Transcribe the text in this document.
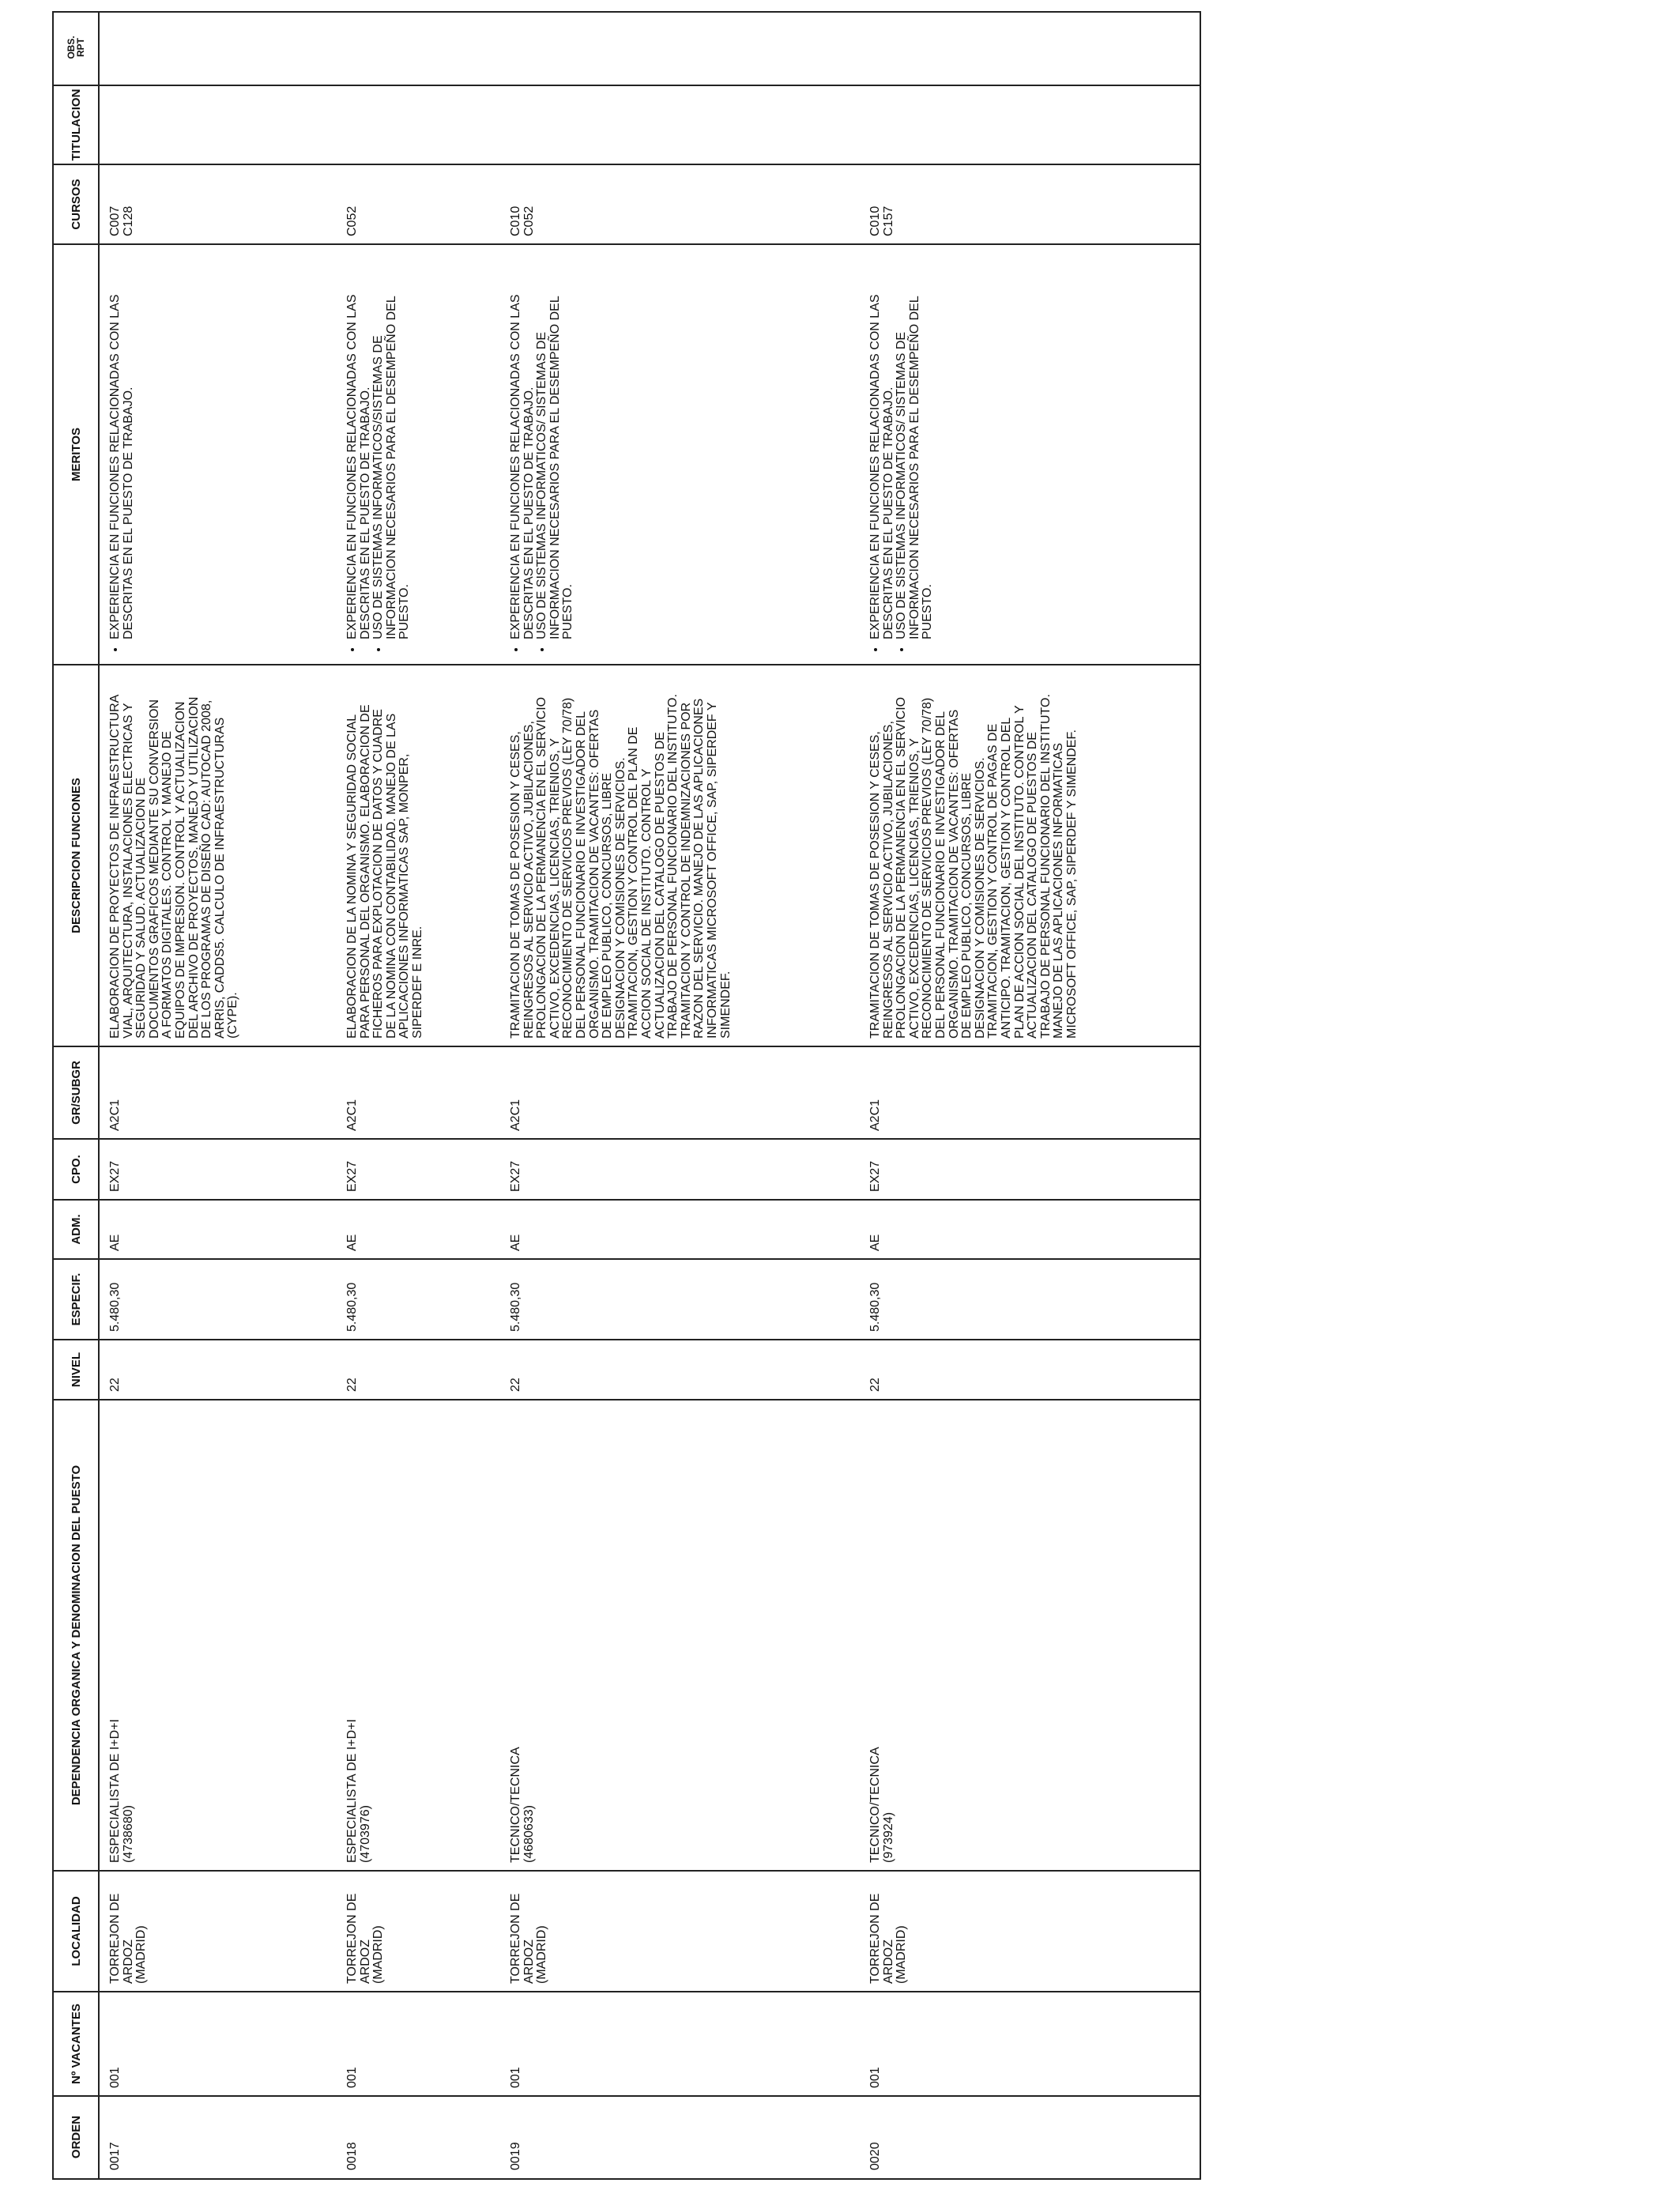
ORDEN
Nº VACANTES
LOCALIDAD
DEPENDENCIA ORGANICA Y DENOMINACION DEL PUESTO
NIVEL
ESPECIF.
ADM.
CPO.
GR/SUBGR
DESCRIPCION FUNCIONES
MERITOS
CURSOS
TITULACION
OBS.
RPT
0017
001
TORREJON DE ARDOZ
(MADRID)
ESPECIALISTA DE I+D+I
(4738680)
22
5.480,30
AE
EX27
A2C1
ELABORACION DE PROYECTOS DE INFRAESTRUCTURA
VIAL, ARQUITECTURA, INSTALACIONES ELECTRICAS Y
SEGURIDAD Y SALUD. ACTUALIZACION DE
DOCUMENTOS GRAFICOS MEDIANTE SU CONVERSION
A FORMATOS DIGITALES. CONTROL Y MANEJO DE
EQUIPOS DE IMPRESION. CONTROL Y ACTUALIZACION
DEL ARCHIVO DE PROYECTOS. MANEJO Y UTILIZACION
DE LOS PROGRAMAS DE DISEÑO CAD: AUTOCAD 2008,
ARRIS, CADDS5. CALCULO DE INFRAESTRUCTURAS
(CYPE).
• EXPERIENCIA EN FUNCIONES RELACIONADAS CON LAS
DESCRITAS EN EL PUESTO DE TRABAJO.
C007 C128
0018
001
TORREJON DE ARDOZ
(MADRID)
ESPECIALISTA DE I+D+I
(4703976)
22
5.480,30
AE
EX27
A2C1
ELABORACION DE LA NOMINA Y SEGURIDAD SOCIAL
PARA PERSONAL DEL ORGANISMO. ELABORACION DE
FICHEROS PARA EXPLOTACION DE DATOS Y CUADRE
DE LA NOMINA CON CONTABILIDAD. MANEJO DE LAS
APLICACIONES INFORMATICAS SAP, MONPER,
SIPERDEF E INRE.
• EXPERIENCIA EN FUNCIONES RELACIONADAS CON LAS
DESCRITAS EN EL PUESTO DE TRABAJO.
• USO DE SISTEMAS INFORMATICOS/SISTEMAS DE
INFORMACION NECESARIOS PARA EL DESEMPEÑO DEL
PUESTO.
C052
0019
001
TORREJON DE ARDOZ
(MADRID)
TECNICO/TECNICA
(4680633)
22
5.480,30
AE
EX27
A2C1
TRAMITACION DE TOMAS DE POSESION Y CESES,
REINGRESOS AL SERVICIO ACTIVO, JUBILACIONES,
PROLONGACION DE LA PERMANENCIA EN EL SERVICIO
ACTIVO, EXCEDENCIAS, LICENCIAS, TRIENIOS, Y
RECONOCIMIENTO DE SERVICIOS PREVIOS (LEY 70/78)
DEL PERSONAL FUNCIONARIO E INVESTIGADOR DEL
ORGANISMO. TRAMITACION DE VACANTES: OFERTAS
DE EMPLEO PUBLICO, CONCURSOS, LIBRE
DESIGNACION Y COMISIONES DE SERVICIOS.
TRAMITACION, GESTION Y CONTROL DEL PLAN DE
ACCION SOCIAL DE INSTITUTO. CONTROL Y
ACTUALIZACION DEL CATALOGO DE PUESTOS DE
TRABAJO DE PERSONAL FUNCIONARIO DEL INSTITUTO.
TRAMITACION Y CONTROL DE INDEMNIZACIONES POR
RAZON DEL SERVICIO. MANEJO DE LAS APLICACIONES
INFORMATICAS MICROSOFT OFFICE, SAP, SIPERDEF Y
SIMENDEF.
• EXPERIENCIA EN FUNCIONES RELACIONADAS CON LAS
DESCRITAS EN EL PUESTO DE TRABAJO.
• USO DE SISTEMAS INFORMATICOS/ SISTEMAS DE
INFORMACION NECESARIOS PARA EL DESEMPEÑO DEL
PUESTO.
C010 C052
0020
001
TORREJON DE ARDOZ
(MADRID)
TECNICO/TECNICA
(973924)
22
5.480,30
AE
EX27
A2C1
TRAMITACION DE TOMAS DE POSESION Y CESES,
REINGRESOS AL SERVICIO ACTIVO, JUBILACIONES,
PROLONGACION DE LA PERMANENCIA EN EL SERVICIO
ACTIVO, EXCEDENCIAS, LICENCIAS, TRIENIOS, Y
RECONOCIMIENTO DE SERVICIOS PREVIOS (LEY 70/78)
DEL PERSONAL FUNCIONARIO E INVESTIGADOR DEL
ORGANISMO. TRAMITACION DE VACANTES: OFERTAS
DE EMPLEO PUBLICO, CONCURSOS, LIBRE
DESIGNACION Y COMISIONES DE SERVICIOS.
TRAMITACION, GESTION Y CONTROL DE PAGAS DE
ANTICIPO. TRAMITACION, GESTION Y CONTROL DEL
PLAN DE ACCION SOCIAL DEL INSTITUTO. CONTROL Y
ACTUALIZACION DEL CATALOGO DE PUESTOS DE
TRABAJO DE PERSONAL FUNCIONARIO DEL INSTITUTO.
MANEJO DE LAS APLICACIONES INFORMATICAS
MICROSOFT OFFICE, SAP, SIPERDEF Y SIMENDEF.
• EXPERIENCIA EN FUNCIONES RELACIONADAS CON LAS
DESCRITAS EN EL PUESTO DE TRABAJO.
• USO DE SISTEMAS INFORMATICOS/ SISTEMAS DE
INFORMACION NECESARIOS PARA EL DESEMPEÑO DEL
PUESTO.
C010 C157
